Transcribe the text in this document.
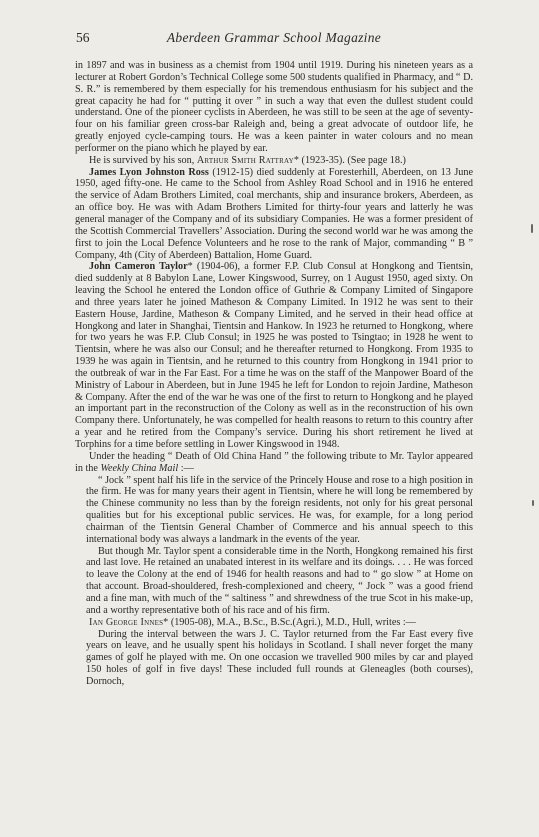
56	Aberdeen Grammar School Magazine

in 1897 and was in business as a chemist from 1904 until 1919. During his nineteen years as a lecturer at Robert Gordon’s Technical College some 500 students qualified in Pharmacy, and “ D. S. R.” is remembered by them especially for his tremendous enthusiasm for his subject and the great capacity he had for “ putting it over ” in such a way that even the dullest student could understand. One of the pioneer cyclists in Aberdeen, he was still to be seen at the age of seventy-four on his familiar green cross-bar Raleigh and, being a great advocate of outdoor life, he greatly enjoyed cycle-camping tours. He was a keen painter in water colours and no mean performer on the piano which he played by ear.

He is survived by his son, Arthur Smith Rattray* (1923-35). (See page 18.)

James Lyon Johnston Ross (1912-15) died suddenly at Foresterhill, Aberdeen, on 13 June 1950, aged fifty-one. He came to the School from Ashley Road School and in 1916 he entered the service of Adam Brothers Limited, coal merchants, ship and insurance brokers, Aberdeen, as an office boy. He was with Adam Brothers Limited for thirty-four years and latterly he was general manager of the Company and of its subsidiary Companies. He was a former president of the Scottish Commercial Travellers’ Association. During the second world war he was among the first to join the Local Defence Volunteers and he rose to the rank of Major, commanding “ B ” Company, 4th (City of Aberdeen) Battalion, Home Guard.

John Cameron Taylor* (1904-06), a former F.P. Club Consul at Hongkong and Tientsin, died suddenly at 8 Babylon Lane, Lower Kingswood, Surrey, on 1 August 1950, aged sixty. On leaving the School he entered the London office of Guthrie & Company Limited of Singapore and three years later he joined Matheson & Company Limited. In 1912 he was sent to their Eastern House, Jardine, Matheson & Company Limited, and he served in their head office at Hongkong and later in Shanghai, Tientsin and Hankow. In 1923 he returned to Hongkong, where for two years he was F.P. Club Consul; in 1925 he was posted to Tsingtao; in 1928 he went to Tientsin, where he was also our Consul; and he thereafter returned to Hongkong. From 1935 to 1939 he was again in Tientsin, and he returned to this country from Hongkong in 1941 prior to the outbreak of war in the Far East. For a time he was on the staff of the Manpower Board of the Ministry of Labour in Aberdeen, but in June 1945 he left for London to rejoin Jardine, Matheson & Company. After the end of the war he was one of the first to return to Hongkong and he played an important part in the reconstruction of the Colony as well as in the reconstruction of his own Company there. Unfortunately, he was compelled for health reasons to return to this country after a year and he retired from the Company’s service. During his short retirement he lived at Torphins for a time before settling in Lower Kingswood in 1948.

Under the heading “ Death of Old China Hand ” the following tribute to Mr. Taylor appeared in the Weekly China Mail :—

“ Jock ” spent half his life in the service of the Princely House and rose to a high position in the firm. He was for many years their agent in Tientsin, where he will long be remembered by the Chinese community no less than by the foreign residents, not only for his great personal qualities but for his exceptional public services. He was, for example, for a long period chairman of the Tientsin General Chamber of Commerce and his annual speech to this international body was always a landmark in the events of the year.

But though Mr. Taylor spent a considerable time in the North, Hongkong remained his first and last love. He retained an unabated interest in its welfare and its doings. . . . He was forced to leave the Colony at the end of 1946 for health reasons and had to “ go slow ” at Home on that account. Broad-shouldered, fresh-complexioned and cheery, “ Jock ” was a good friend and a fine man, with much of the “ saltiness ” and shrewdness of the true Scot in his make-up, and a worthy representative both of his race and of his firm.

Ian George Innes* (1905-08), M.A., B.Sc., B.Sc.(Agri.), M.D., Hull, writes :—

During the interval between the wars J. C. Taylor returned from the Far East every five years on leave, and he usually spent his holidays in Scotland. I shall never forget the many games of golf he played with me. On one occasion we travelled 900 miles by car and played 150 holes of golf in five days! These included full rounds at Gleneagles (both courses), Dornoch,
